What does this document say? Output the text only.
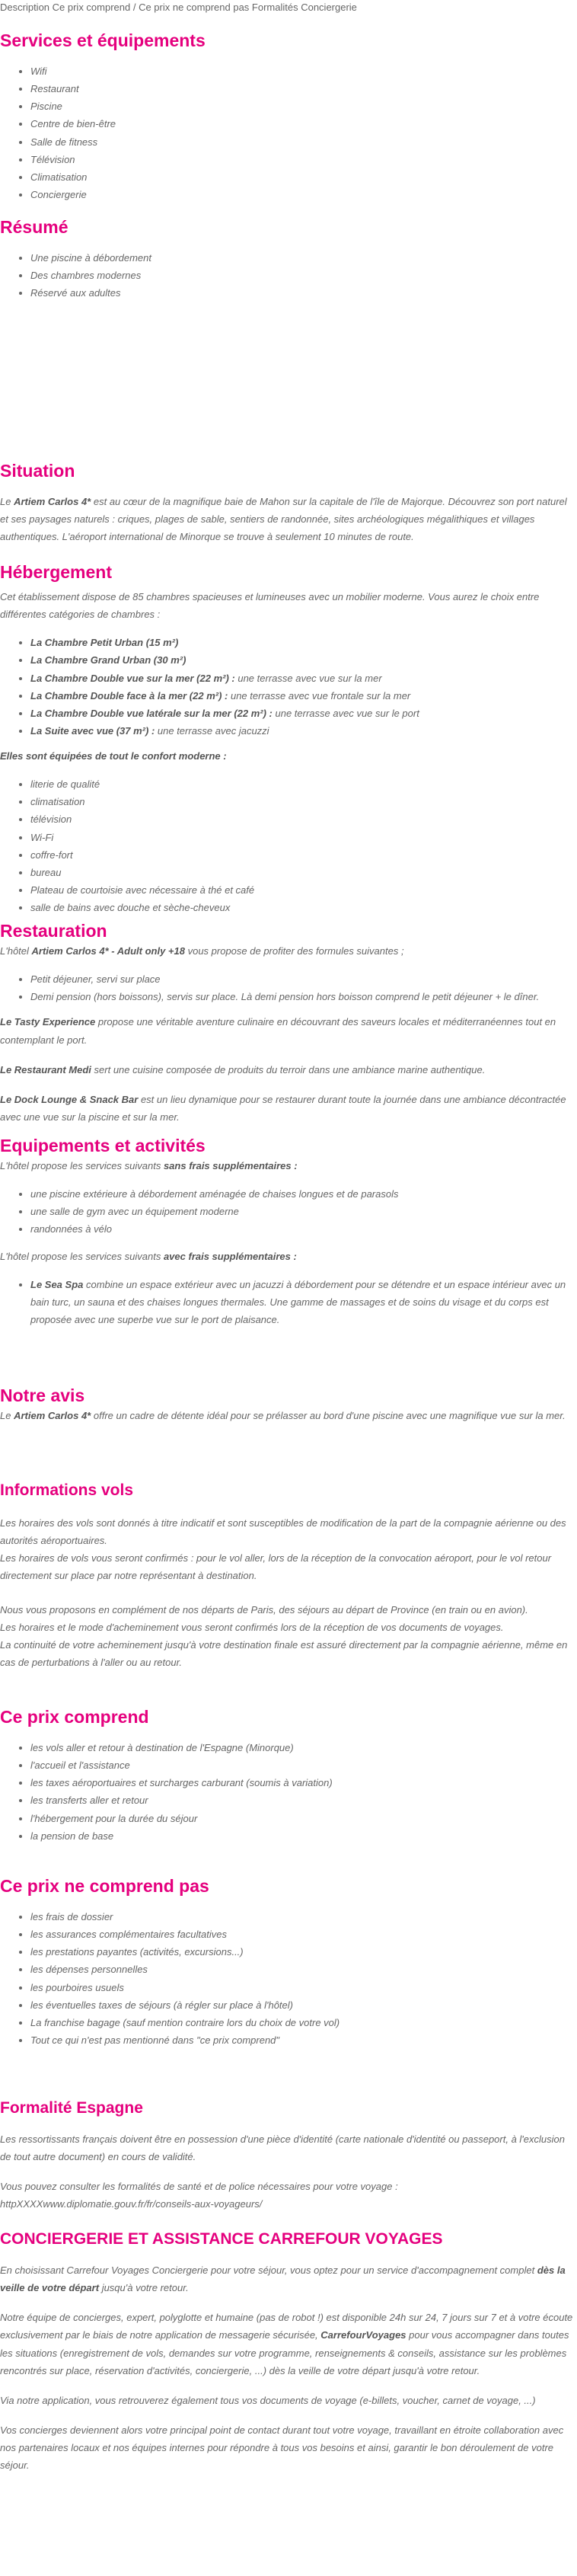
Description Ce prix comprend / Ce prix ne comprend pas Formalités Conciergerie
Services et équipements
• Wifi
• Restaurant
• Piscine
• Centre de bien-être
• Salle de fitness
• Télévision
• Climatisation
• Conciergerie
Résumé
• Une piscine à débordement
• Des chambres modernes
• Réservé aux adultes
Situation

Le Artiem Carlos 4* est au cœur de la magnifique baie de Mahon sur la capitale de l'île de Majorque. Découvrez son port naturel et ses paysages naturels : criques, plages de sable, sentiers de randonnée, sites archéologiques mégalithiques et villages authentiques. L'aéroport international de Minorque se trouve à seulement 10 minutes de route.

Hébergement

Cet établissement dispose de 85 chambres spacieuses et lumineuses avec un mobilier moderne. Vous aurez le choix entre différentes catégories de chambres :

• La Chambre Petit Urban (15 m²)
• La Chambre Grand Urban (30 m²)
• La Chambre Double vue sur la mer (22 m²) : une terrasse avec vue sur la mer
• La Chambre Double face à la mer (22 m²) : une terrasse avec vue frontale sur la mer
• La Chambre Double vue latérale sur la mer (22 m²) : une terrasse avec vue sur le port
• La Suite avec vue (37 m²) : une terrasse avec jacuzzi

Elles sont équipées de tout le confort moderne :

• literie de qualité
• climatisation
• télévision
• Wi-Fi
• coffre-fort
• bureau
• Plateau de courtoisie avec nécessaire à thé et café
• salle de bains avec douche et sèche-cheveux
Restauration

L'hôtel Artiem Carlos 4* - Adult only +18 vous propose de profiter des formules suivantes ;

• Petit déjeuner, servi sur place
• Demi pension (hors boissons), servis sur place. Là demi pension hors boisson comprend le petit déjeuner + le dîner.

Le Tasty Experience propose une véritable aventure culinaire en découvrant des saveurs locales et méditerranéennes tout en contemplant le port.

Le Restaurant Medi sert une cuisine composée de produits du terroir dans une ambiance marine authentique.

Le Dock Lounge & Snack Bar est un lieu dynamique pour se restaurer durant toute la journée dans une ambiance décontractée avec une vue sur la piscine et sur la mer.

Equipements et activités

L'hôtel propose les services suivants sans frais supplémentaires :

• une piscine extérieure à débordement aménagée de chaises longues et de parasols
• une salle de gym avec un équipement moderne
• randonnées à vélo

L'hôtel propose les services suivants avec frais supplémentaires :

• Le Sea Spa combine un espace extérieur avec un jacuzzi à débordement pour se détendre et un espace intérieur avec un bain turc, un sauna et des chaises longues thermales. Une gamme de massages et de soins du visage et du corps est proposée avec une superbe vue sur le port de plaisance.
Notre avis

Le Artiem Carlos 4* offre un cadre de détente idéal pour se prélasser au bord d'une piscine avec une magnifique vue sur la mer.

Informations vols

Les horaires des vols sont donnés à titre indicatif et sont susceptibles de modification de la part de la compagnie aérienne ou des autorités aéroportuaires.

Les horaires de vols vous seront confirmés : pour le vol aller, lors de la réception de la convocation aéroport, pour le vol retour directement sur place par notre représentant à destination.

Nous vous proposons en complément de nos départs de Paris, des séjours au départ de Province (en train ou en avion).

Les horaires et le mode d'acheminement vous seront confirmés lors de la réception de vos documents de voyages.

La continuité de votre acheminement jusqu'à votre destination finale est assuré directement par la compagnie aérienne, même en cas de perturbations à l'aller ou au retour.

Ce prix comprend
• les vols aller et retour à destination de l'Espagne (Minorque)
• l'accueil et l'assistance
• les taxes aéroportuaires et surcharges carburant (soumis à variation)
• les transferts aller et retour
• l'hébergement pour la durée du séjour
• la pension de base
Ce prix ne comprend pas
• les frais de dossier
• les assurances complémentaires facultatives
• les prestations payantes (activités, excursions...)
• les dépenses personnelles
• les pourboires usuels
• les éventuelles taxes de séjours (à régler sur place à l'hôtel)
• La franchise bagage (sauf mention contraire lors du choix de votre vol)
• Tout ce qui n'est pas mentionné dans "ce prix comprend"
Formalité Espagne

Les ressortissants français doivent être en possession d'une pièce d'identité (carte nationale d'identité ou passeport, à l'exclusion de tout autre document) en cours de validité.

Vous pouvez consulter les formalités de santé et de police nécessaires pour votre voyage :

httpXXXXwww.diplomatie.gouv.fr/fr/conseils-aux-voyageurs/

CONCIERGERIE ET ASSISTANCE CARREFOUR VOYAGES

En choisissant Carrefour Voyages Conciergerie pour votre séjour, vous optez pour un service d'accompagnement complet dès la veille de votre départ jusqu'à votre retour.

Notre équipe de concierges, expert, polyglotte et humaine (pas de robot !) est disponible 24h sur 24, 7 jours sur 7 et à votre écoute exclusivement par le biais de notre application de messagerie sécurisée, CarrefourVoyages pour vous accompagner dans toutes les situations (enregistrement de vols, demandes sur votre programme, renseignements & conseils, assistance sur les problèmes rencontrés sur place, réservation d'activités, conciergerie, ...) dès la veille de votre départ jusqu'à votre retour.

Via notre application, vous retrouverez également tous vos documents de voyage (e-billets, voucher, carnet de voyage, ...)

Vos concierges deviennent alors votre principal point de contact durant tout votre voyage, travaillant en étroite collaboration avec nos partenaires locaux et nos équipes internes pour répondre à tous vos besoins et ainsi, garantir le bon déroulement de votre séjour.
